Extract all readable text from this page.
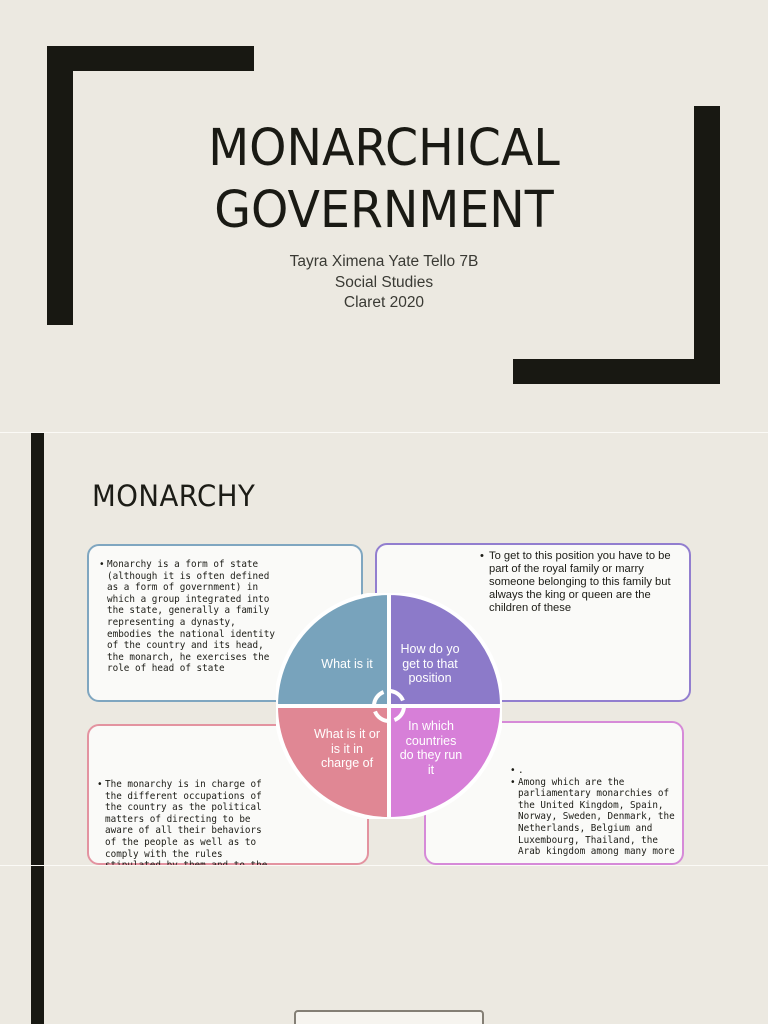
MONARCHICAL
GOVERNMENT
Tayra Ximena Yate Tello 7B
Social Studies
Claret 2020
MONARCHY
• Monarchy is a form of state (although it is often defined as a form of government) in which a group integrated into the state, generally a family representing a dynasty, embodies the national identity of the country and its head, the monarch, he exercises the role of head of state
• To get to this position you have to be part of the royal family or marry someone belonging to this family but always the king or queen are the children of these
• The monarchy is in charge of the different occupations of the country as the political matters of directing to be aware of all their behaviors of the people as well as to comply with the rules
• .
• Among which are the parliamentary monarchies of the United Kingdom, Spain, Norway, Sweden, Denmark, the Netherlands, Belgium and Luxembourg, Thailand, the Arab kingdom among many more
What is it
How do yo get to that position
What is it or is it in charge of
In which countries do they run it
